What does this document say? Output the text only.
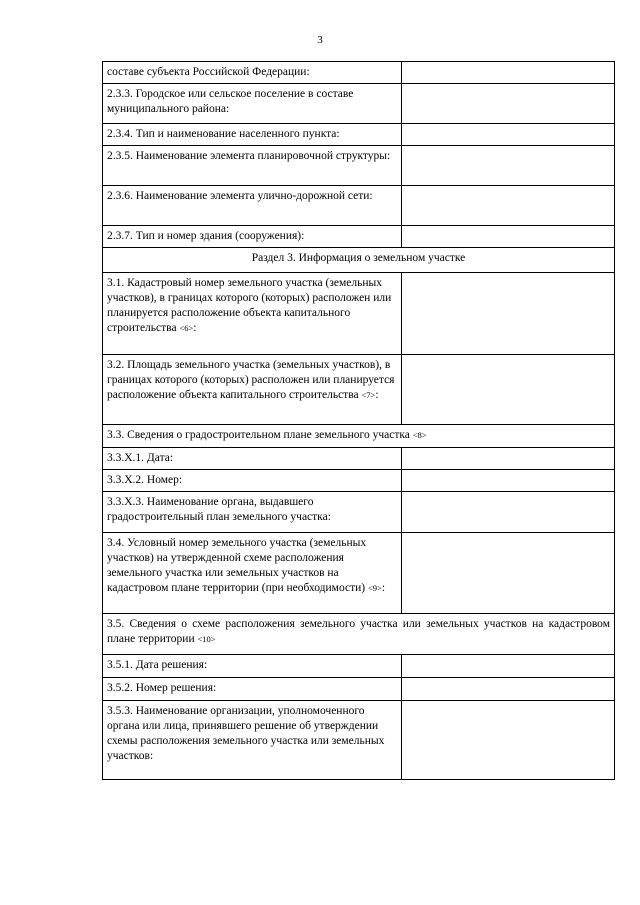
3
составе субъекта Российской Федерации:	
2.3.3. Городское или сельское поселение в составе муниципального района:	
2.3.4. Тип и наименование населенного пункта:	
2.3.5. Наименование элемента планировочной структуры:	
2.3.6. Наименование элемента улично-дорожной сети:	
2.3.7. Тип и номер здания (сооружения):	
Раздел 3. Информация о земельном участке	
3.1. Кадастровый номер земельного участка (земельных участков), в границах которого (которых) расположен или планируется расположение объекта капитального строительства <6>:	
3.2. Площадь земельного участка (земельных участков), в границах которого (которых) расположен или планируется расположение объекта капитального строительства <7>:	
3.3. Сведения о градостроительном плане земельного участка <8>	
3.3.X.1. Дата:	
3.3.X.2. Номер:	
3.3.X.3. Наименование органа, выдавшего градостроительный план земельного участка:	
3.4. Условный номер земельного участка (земельных участков) на утвержденной схеме расположения земельного участка или земельных участков на кадастровом плане территории (при необходимости) <9>:	
3.5. Сведения о схеме расположения земельного участка или земельных участков на кадастровом плане территории <10>	
3.5.1. Дата решения:	
3.5.2. Номер решения:	
3.5.3. Наименование организации, уполномоченного органа или лица, принявшего решение об утверждении схемы расположения земельного участка или земельных участков:	
